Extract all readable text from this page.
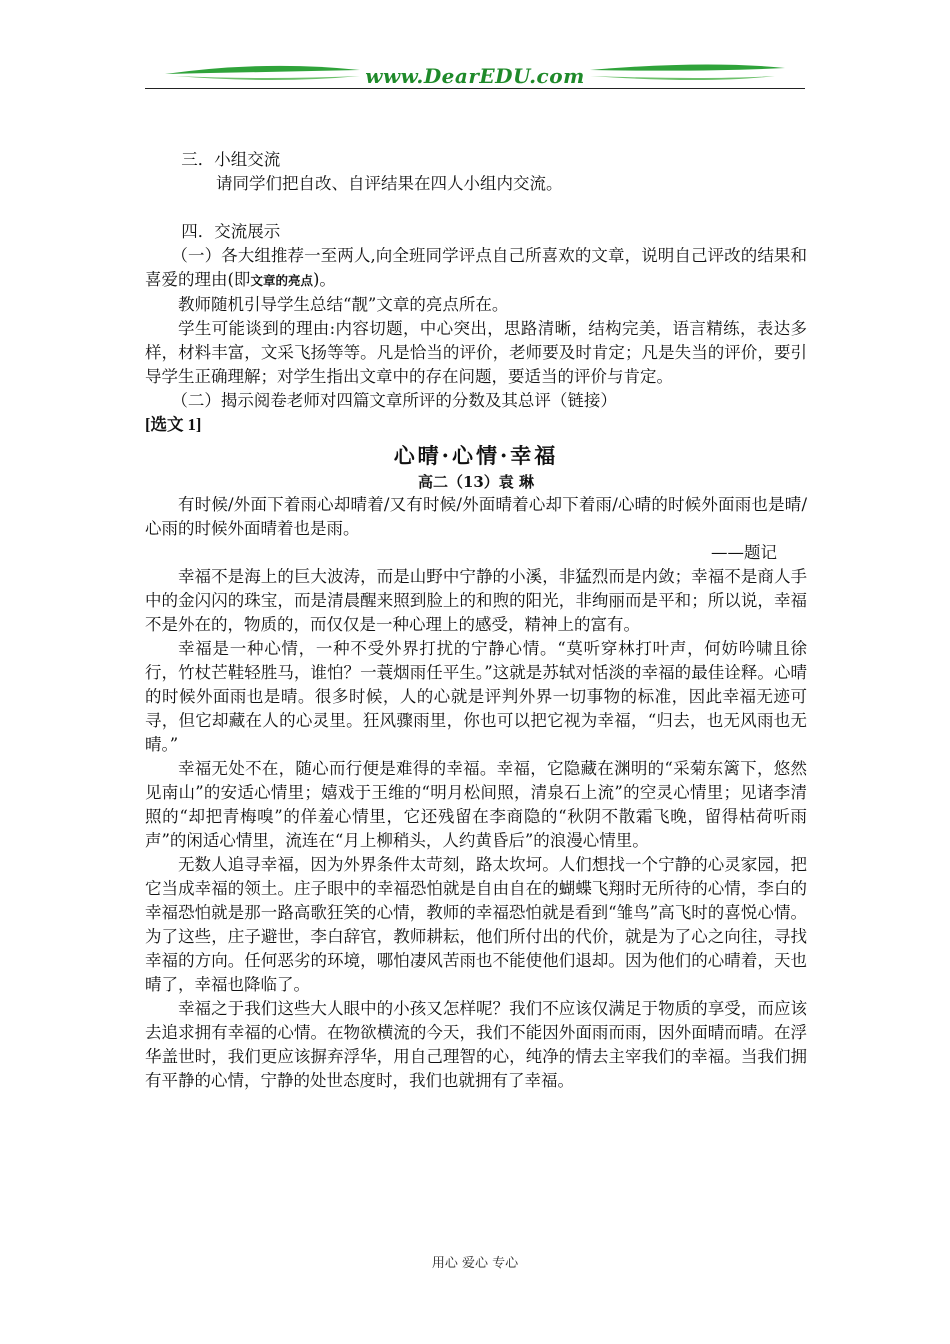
www.DearEDU.com

三．小组交流

请同学们把自改、自评结果在四人小组内交流。

四．交流展示

（一）各大组推荐一至两人,向全班同学评点自己所喜欢的文章，说明自己评改的结果和喜爱的理由(即文章的亮点)。

教师随机引导学生总结“靓”文章的亮点所在。

学生可能谈到的理由:内容切题，中心突出，思路清晰，结构完美，语言精练，表达多样，材料丰富，文采飞扬等等。凡是恰当的评价，老师要及时肯定；凡是失当的评价，要引导学生正确理解；对学生指出文章中的存在问题，要适当的评价与肯定。

（二）揭示阅卷老师对四篇文章所评的分数及其总评（链接）

[选文 1]

心晴·心情·幸福

高二（13）袁 琳

有时候/外面下着雨心却晴着/又有时候/外面晴着心却下着雨/心晴的时候外面雨也是晴/心雨的时候外面晴着也是雨。

——题记

幸福不是海上的巨大波涛，而是山野中宁静的小溪，非猛烈而是内敛；幸福不是商人手中的金闪闪的珠宝，而是清晨醒来照到脸上的和煦的阳光，非绚丽而是平和；所以说，幸福不是外在的，物质的，而仅仅是一种心理上的感受，精神上的富有。

幸福是一种心情，一种不受外界打扰的宁静心情。“莫听穿林打叶声，何妨吟啸且徐行，竹杖芒鞋轻胜马，谁怕？一蓑烟雨任平生。”这就是苏轼对恬淡的幸福的最佳诠释。心晴的时候外面雨也是晴。很多时候，人的心就是评判外界一切事物的标准，因此幸福无迹可寻，但它却藏在人的心灵里。狂风骤雨里，你也可以把它视为幸福，“归去，也无风雨也无晴。”

幸福无处不在，随心而行便是难得的幸福。幸福，它隐藏在渊明的“采菊东篱下，悠然见南山”的安适心情里；嬉戏于王维的“明月松间照，清泉石上流”的空灵心情里；见诸李清照的“却把青梅嗅”的佯羞心情里，它还残留在李商隐的“秋阴不散霜飞晚，留得枯荷听雨声”的闲适心情里，流连在“月上柳稍头，人约黄昏后”的浪漫心情里。

无数人追寻幸福，因为外界条件太苛刻，路太坎坷。人们想找一个宁静的心灵家园，把它当成幸福的领土。庄子眼中的幸福恐怕就是自由自在的蝴蝶飞翔时无所待的心情，李白的幸福恐怕就是那一路高歌狂笑的心情，教师的幸福恐怕就是看到“雏鸟”高飞时的喜悦心情。为了这些，庄子避世，李白辞官，教师耕耘，他们所付出的代价，就是为了心之向往，寻找幸福的方向。任何恶劣的环境，哪怕凄风苦雨也不能使他们退却。因为他们的心晴着，天也晴了，幸福也降临了。

幸福之于我们这些大人眼中的小孩又怎样呢？我们不应该仅满足于物质的享受，而应该去追求拥有幸福的心情。在物欲横流的今天，我们不能因外面雨而雨，因外面晴而晴。在浮华盖世时，我们更应该摒弃浮华，用自己理智的心，纯净的情去主宰我们的幸福。当我们拥有平静的心情，宁静的处世态度时，我们也就拥有了幸福。

用心 爱心 专心
